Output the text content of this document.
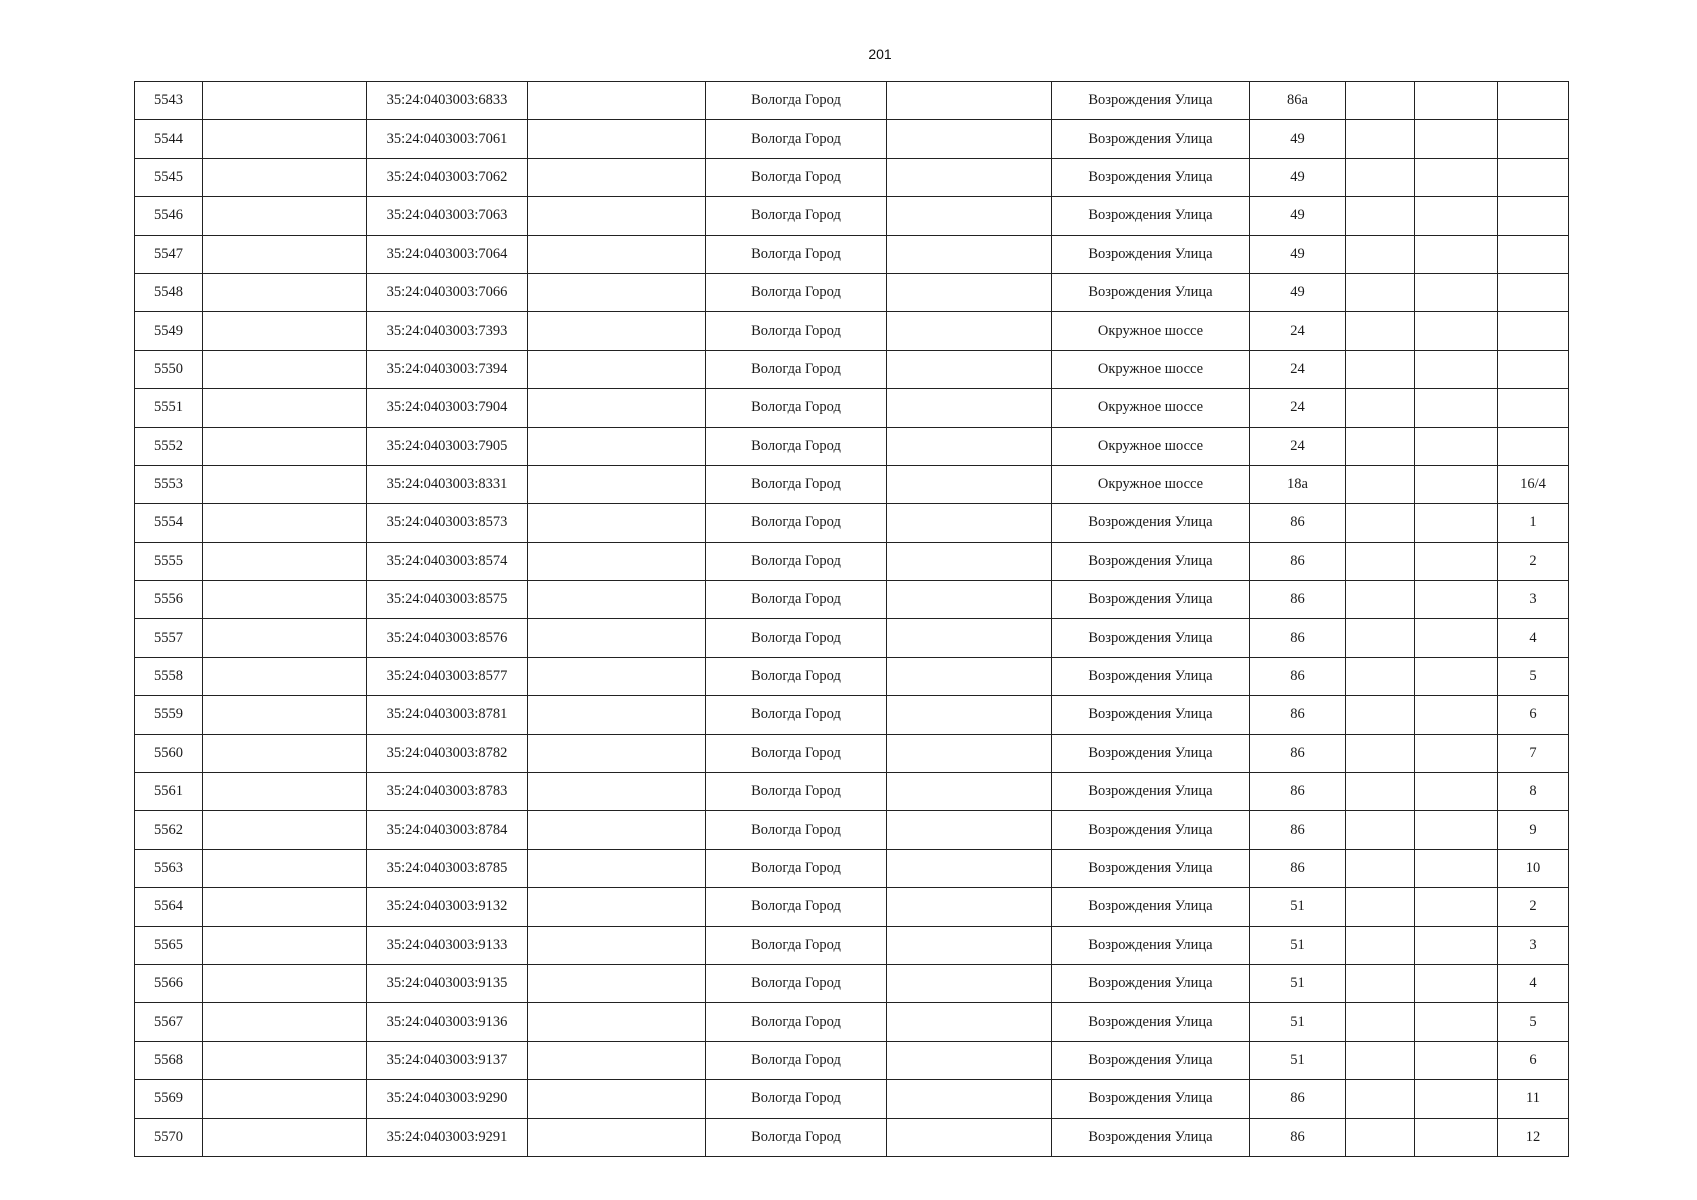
201
5543		35:24:0403003:6833		Вологда Город		Возрождения Улица	86а			
5544		35:24:0403003:7061		Вологда Город		Возрождения Улица	49			
5545		35:24:0403003:7062		Вологда Город		Возрождения Улица	49			
5546		35:24:0403003:7063		Вологда Город		Возрождения Улица	49			
5547		35:24:0403003:7064		Вологда Город		Возрождения Улица	49			
5548		35:24:0403003:7066		Вологда Город		Возрождения Улица	49			
5549		35:24:0403003:7393		Вологда Город		Окружное шоссе	24			
5550		35:24:0403003:7394		Вологда Город		Окружное шоссе	24			
5551		35:24:0403003:7904		Вологда Город		Окружное шоссе	24			
5552		35:24:0403003:7905		Вологда Город		Окружное шоссе	24			
5553		35:24:0403003:8331		Вологда Город		Окружное шоссе	18а			16/4
5554		35:24:0403003:8573		Вологда Город		Возрождения Улица	86			1
5555		35:24:0403003:8574		Вологда Город		Возрождения Улица	86			2
5556		35:24:0403003:8575		Вологда Город		Возрождения Улица	86			3
5557		35:24:0403003:8576		Вологда Город		Возрождения Улица	86			4
5558		35:24:0403003:8577		Вологда Город		Возрождения Улица	86			5
5559		35:24:0403003:8781		Вологда Город		Возрождения Улица	86			6
5560		35:24:0403003:8782		Вологда Город		Возрождения Улица	86			7
5561		35:24:0403003:8783		Вологда Город		Возрождения Улица	86			8
5562		35:24:0403003:8784		Вологда Город		Возрождения Улица	86			9
5563		35:24:0403003:8785		Вологда Город		Возрождения Улица	86			10
5564		35:24:0403003:9132		Вологда Город		Возрождения Улица	51			2
5565		35:24:0403003:9133		Вологда Город		Возрождения Улица	51			3
5566		35:24:0403003:9135		Вологда Город		Возрождения Улица	51			4
5567		35:24:0403003:9136		Вологда Город		Возрождения Улица	51			5
5568		35:24:0403003:9137		Вологда Город		Возрождения Улица	51			6
5569		35:24:0403003:9290		Вологда Город		Возрождения Улица	86			11
5570		35:24:0403003:9291		Вологда Город		Возрождения Улица	86			12
